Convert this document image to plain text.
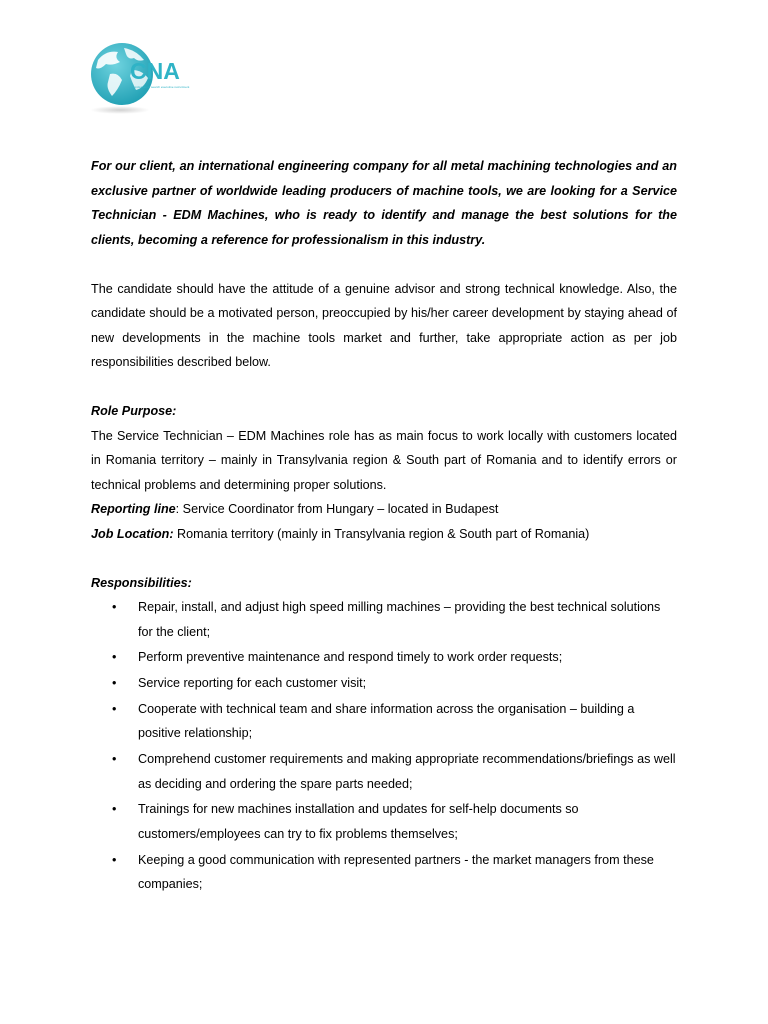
CNA
professional search executive recruitment

For our client, an international engineering company for all metal machining technologies and an exclusive partner of worldwide leading producers of machine tools, we are looking for a Service Technician - EDM Machines, who is ready to identify and manage the best solutions for the clients, becoming a reference for professionalism in this industry.

The candidate should have the attitude of a genuine advisor and strong technical knowledge. Also, the candidate should be a motivated person, preoccupied by his/her career development by staying ahead of new developments in the machine tools market and further, take appropriate action as per job responsibilities described below.

Role Purpose:

The Service Technician – EDM Machines role has as main focus to work locally with customers located in Romania territory – mainly in Transylvania region & South part of Romania and to identify errors or technical problems and determining proper solutions.

Reporting line: Service Coordinator from Hungary – located in Budapest

Job Location: Romania territory (mainly in Transylvania region & South part of Romania)

Responsibilities:

• Repair, install, and adjust high speed milling machines – providing the best technical solutions for the client;
• Perform preventive maintenance and respond timely to work order requests;
• Service reporting for each customer visit;
• Cooperate with technical team and share information across the organisation – building a positive relationship;
• Comprehend customer requirements and making appropriate recommendations/briefings as well as deciding and ordering the spare parts needed;
• Trainings for new machines installation and updates for self-help documents so customers/employees can try to fix problems themselves;
• Keeping a good communication with represented partners - the market managers from these companies;
